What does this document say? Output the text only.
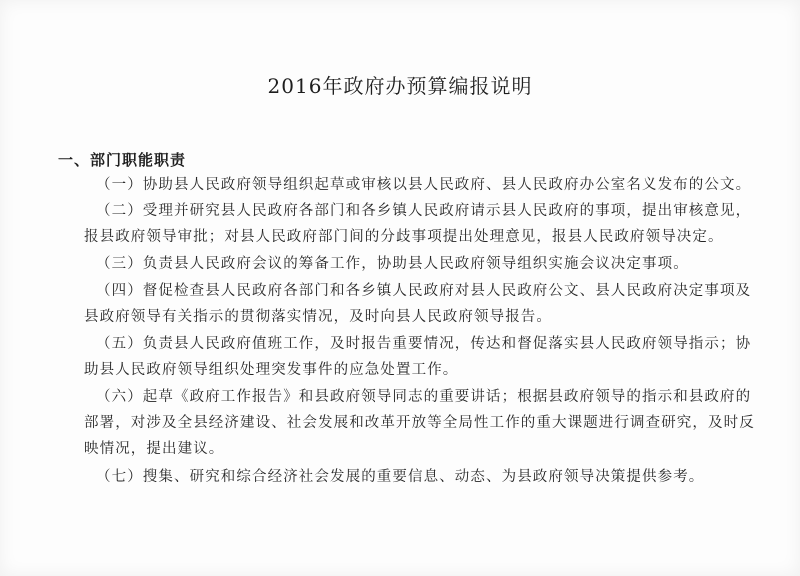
2016年政府办预算编报说明
一、部门职能职责
（一）协助县人民政府领导组织起草或审核以县人民政府、县人民政府办公室名义发布的公文。
（二）受理并研究县人民政府各部门和各乡镇人民政府请示县人民政府的事项，提出审核意见，
报县政府领导审批；对县人民政府部门间的分歧事项提出处理意见，报县人民政府领导决定。
（三）负责县人民政府会议的筹备工作，协助县人民政府领导组织实施会议决定事项。
（四）督促检查县人民政府各部门和各乡镇人民政府对县人民政府公文、县人民政府决定事项及
县政府领导有关指示的贯彻落实情况，及时向县人民政府领导报告。
（五）负责县人民政府值班工作，及时报告重要情况，传达和督促落实县人民政府领导指示；协
助县人民政府领导组织处理突发事件的应急处置工作。
（六）起草《政府工作报告》和县政府领导同志的重要讲话；根据县政府领导的指示和县政府的
部署，对涉及全县经济建设、社会发展和改革开放等全局性工作的重大课题进行调查研究，及时反
映情况，提出建议。
（七）搜集、研究和综合经济社会发展的重要信息、动态、为县政府领导决策提供参考。
